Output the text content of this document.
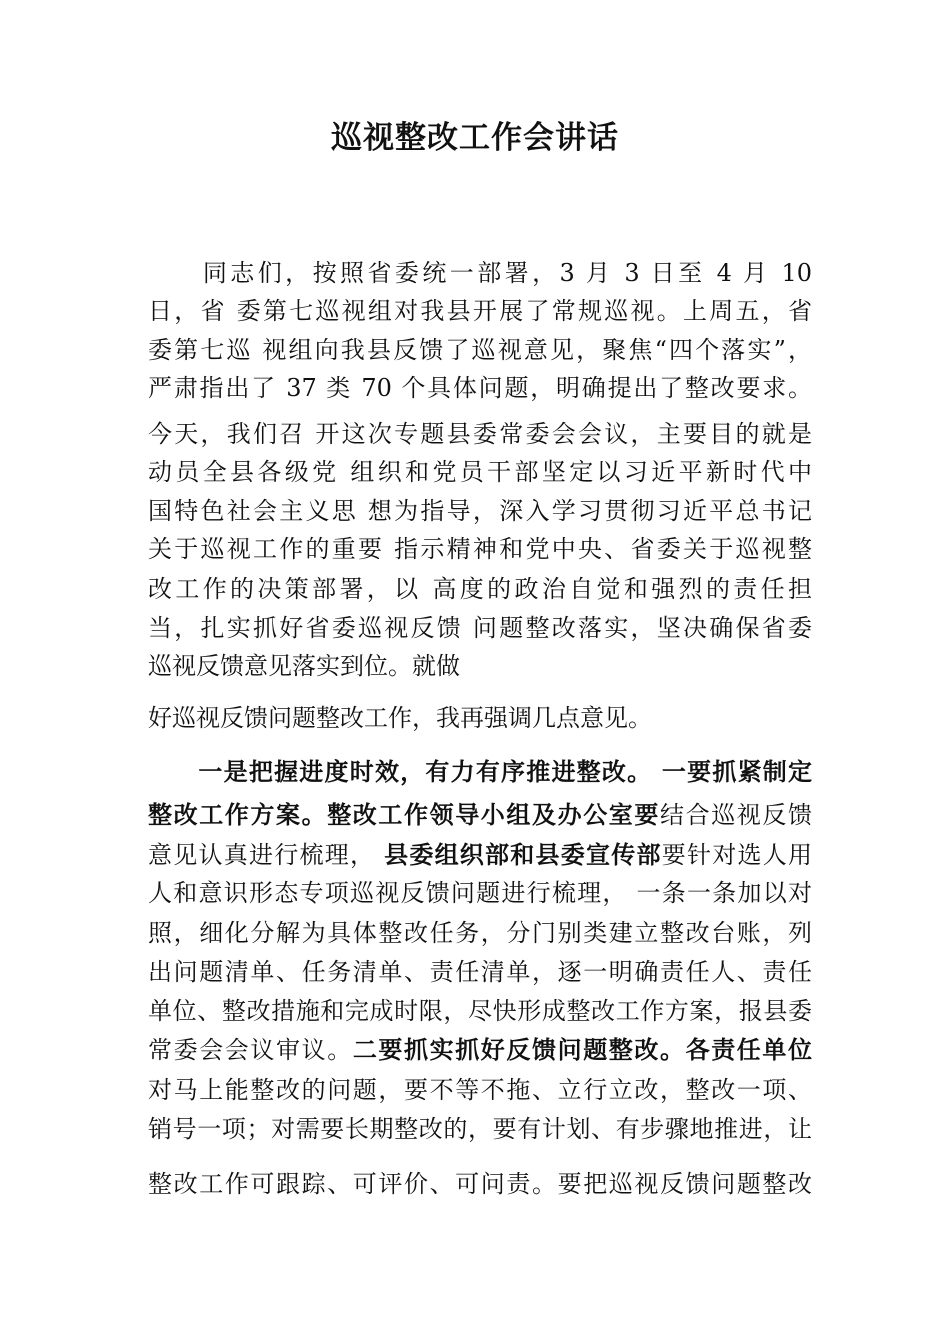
巡视整改工作会讲话
　　同志们，按照省委统一部署，3 月 3 日至 4 月 10
日，省 委第七巡视组对我县开展了常规巡视。上周五，省
委第七巡 视组向我县反馈了巡视意见，聚焦“四个落实”，
严肃指出了 37 类 70 个具体问题，明确提出了整改要求。
今天，我们召 开这次专题县委常委会会议，主要目的就是
动员全县各级党 组织和党员干部坚定以习近平新时代中
国特色社会主义思 想为指导，深入学习贯彻习近平总书记
关于巡视工作的重要 指示精神和党中央、省委关于巡视整
改工作的决策部署，以 高度的政治自觉和强烈的责任担
当，扎实抓好省委巡视反馈 问题整改落实，坚决确保省委
巡视反馈意见落实到位。就做
好巡视反馈问题整改工作，我再强调几点意见。
　　一是把握进度时效，有力有序推进整改。 一要抓紧制定
整改工作方案。整改工作领导小组及办公室要结合巡视反馈
意见认真进行梳理， 县委组织部和县委宣传部要针对选人用
人和意识形态专项巡视反馈问题进行梳理， 一条一条加以对
照，细化分解为具体整改任务，分门别类建立整改台账，列
出问题清单、任务清单、责任清单，逐一明确责任人、责任
单位、整改措施和完成时限，尽快形成整改工作方案，报县委
常委会会议审议。二要抓实抓好反馈问题整改。各责任单位
对马上能整改的问题，要不等不拖、立行立改，整改一项、
销号一项；对需要长期整改的，要有计划、有步骤地推进，让
整改工作可跟踪、可评价、可问责。要把巡视反馈问题整改
